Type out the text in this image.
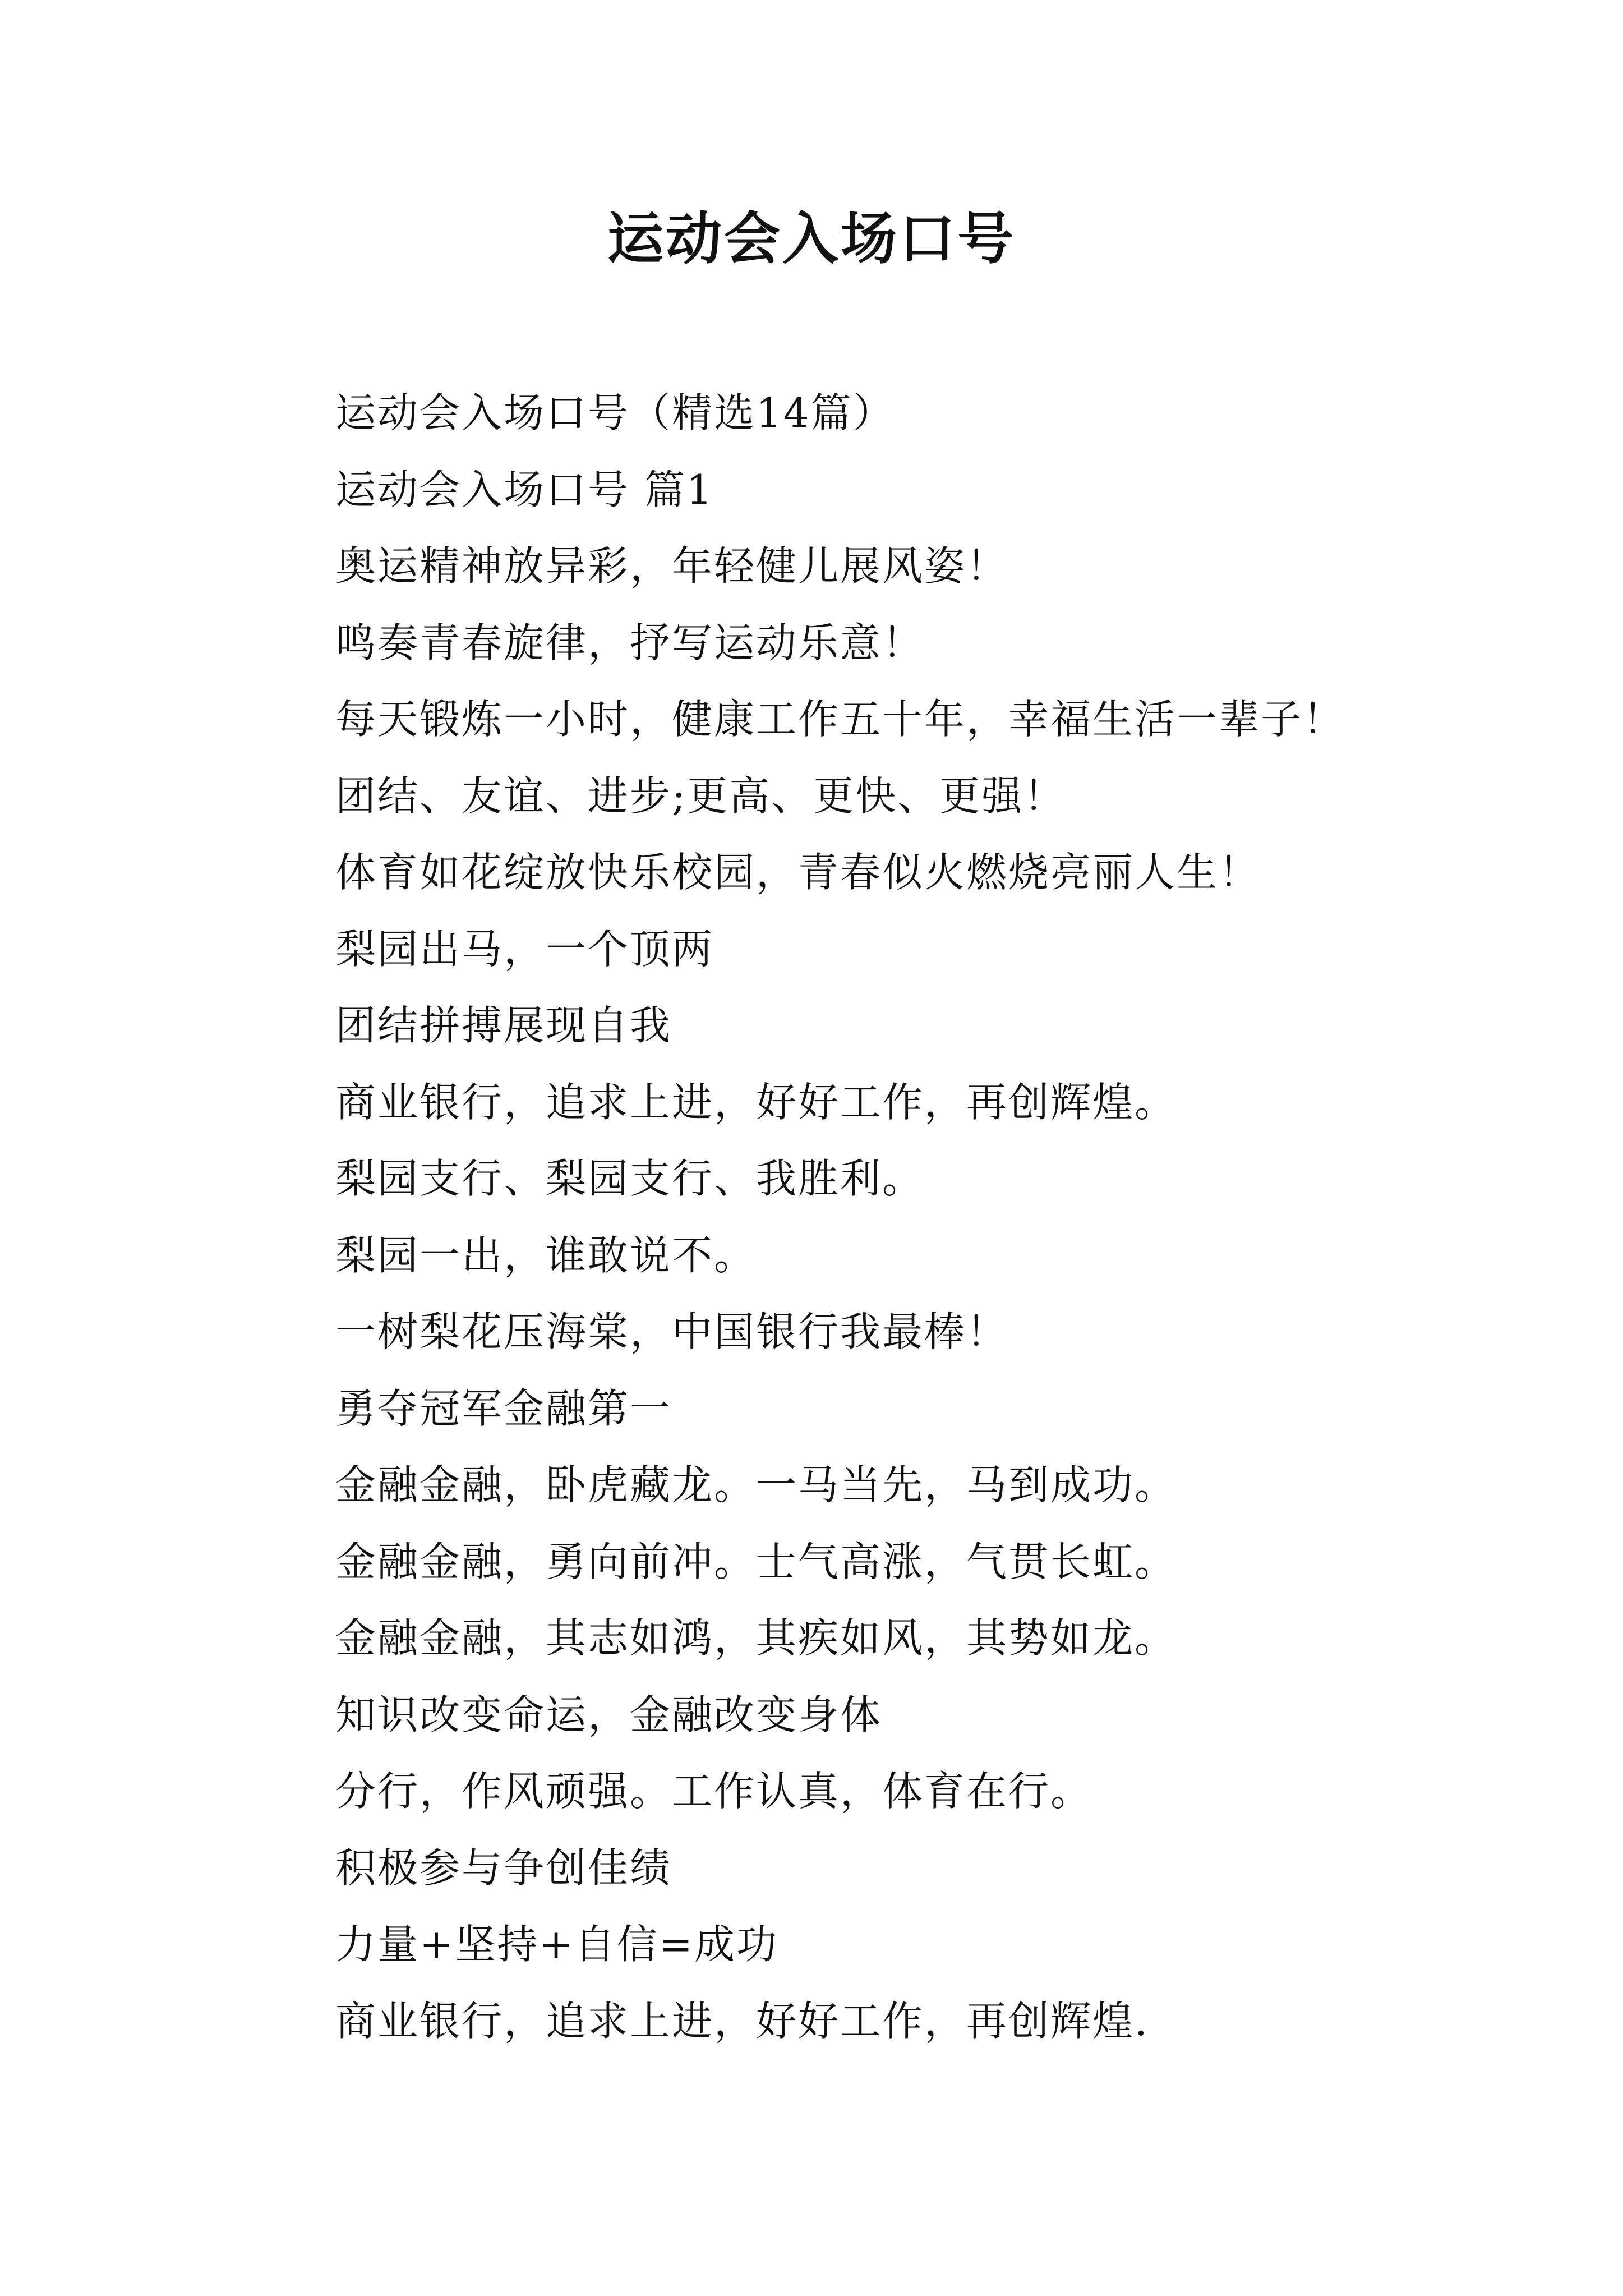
运动会入场口号
运动会入场口号（精选14篇）
运动会入场口号 篇1
奥运精神放异彩，年轻健儿展风姿！
鸣奏青春旋律，抒写运动乐意！
每天锻炼一小时，健康工作五十年，幸福生活一辈子！
团结、友谊、进步;更高、更快、更强！
体育如花绽放快乐校园，青春似火燃烧亮丽人生！
梨园出马，一个顶两
团结拼搏展现自我
商业银行，追求上进，好好工作，再创辉煌。
梨园支行、梨园支行、我胜利。
梨园一出，谁敢说不。
一树梨花压海棠，中国银行我最棒！
勇夺冠军金融第一
金融金融，卧虎藏龙。一马当先，马到成功。
金融金融，勇向前冲。士气高涨，气贯长虹。
金融金融，其志如鸿，其疾如风，其势如龙。
知识改变命运，金融改变身体
分行，作风顽强。工作认真，体育在行。
积极参与争创佳绩
力量+坚持+自信=成功
商业银行，追求上进，好好工作，再创辉煌.
